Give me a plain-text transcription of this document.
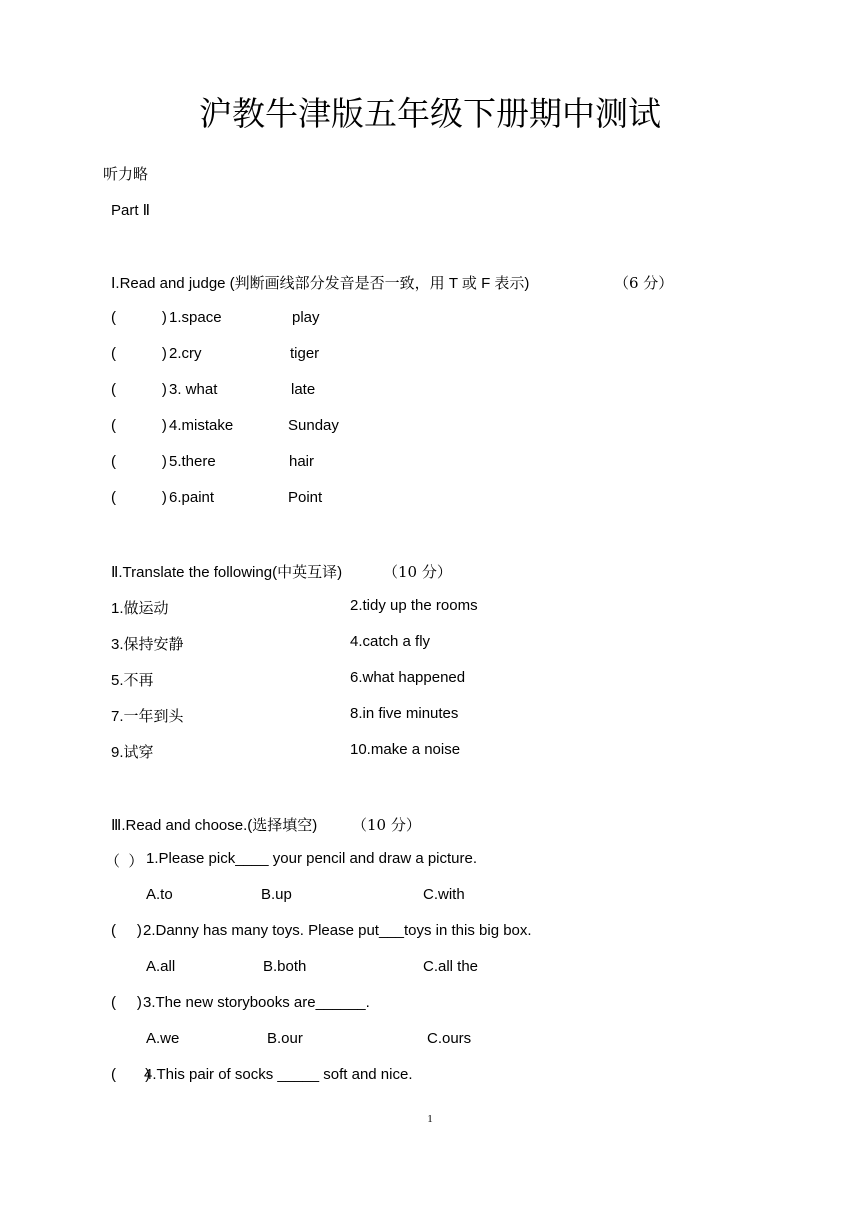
沪教牛津版五年级下册期中测试
听力略
Part Ⅱ
Ⅰ.Read and judge (判断画线部分发音是否一致，用 T 或 F 表示)	（6 分）
(           ) 1.space	play
(           ) 2.cry	tiger
(           ) 3. what	late
(           ) 4.mistake	Sunday
(           ) 5.there	hair
(           ) 6.paint	Point
Ⅱ.Translate the following(中英互译)	（10 分）
1.做运动	2.tidy up the rooms
3.保持安静	4.catch a fly
5.不再	6.what happened
7.一年到头	8.in five minutes
9.试穿	10.make a noise
Ⅲ.Read and choose.(选择填空) （10 分）
（  ） 1.Please pick____ your pencil and draw a picture.
A.to	B.up	C.with
(     ) 2.Danny has many toys. Please put___toys in this big box.
A.all	B.both	C.all the
(     ) 3.The new storybooks are______.
A.we	B.our	C.ours
(       )
4.This pair of socks _____ soft and nice.
1
